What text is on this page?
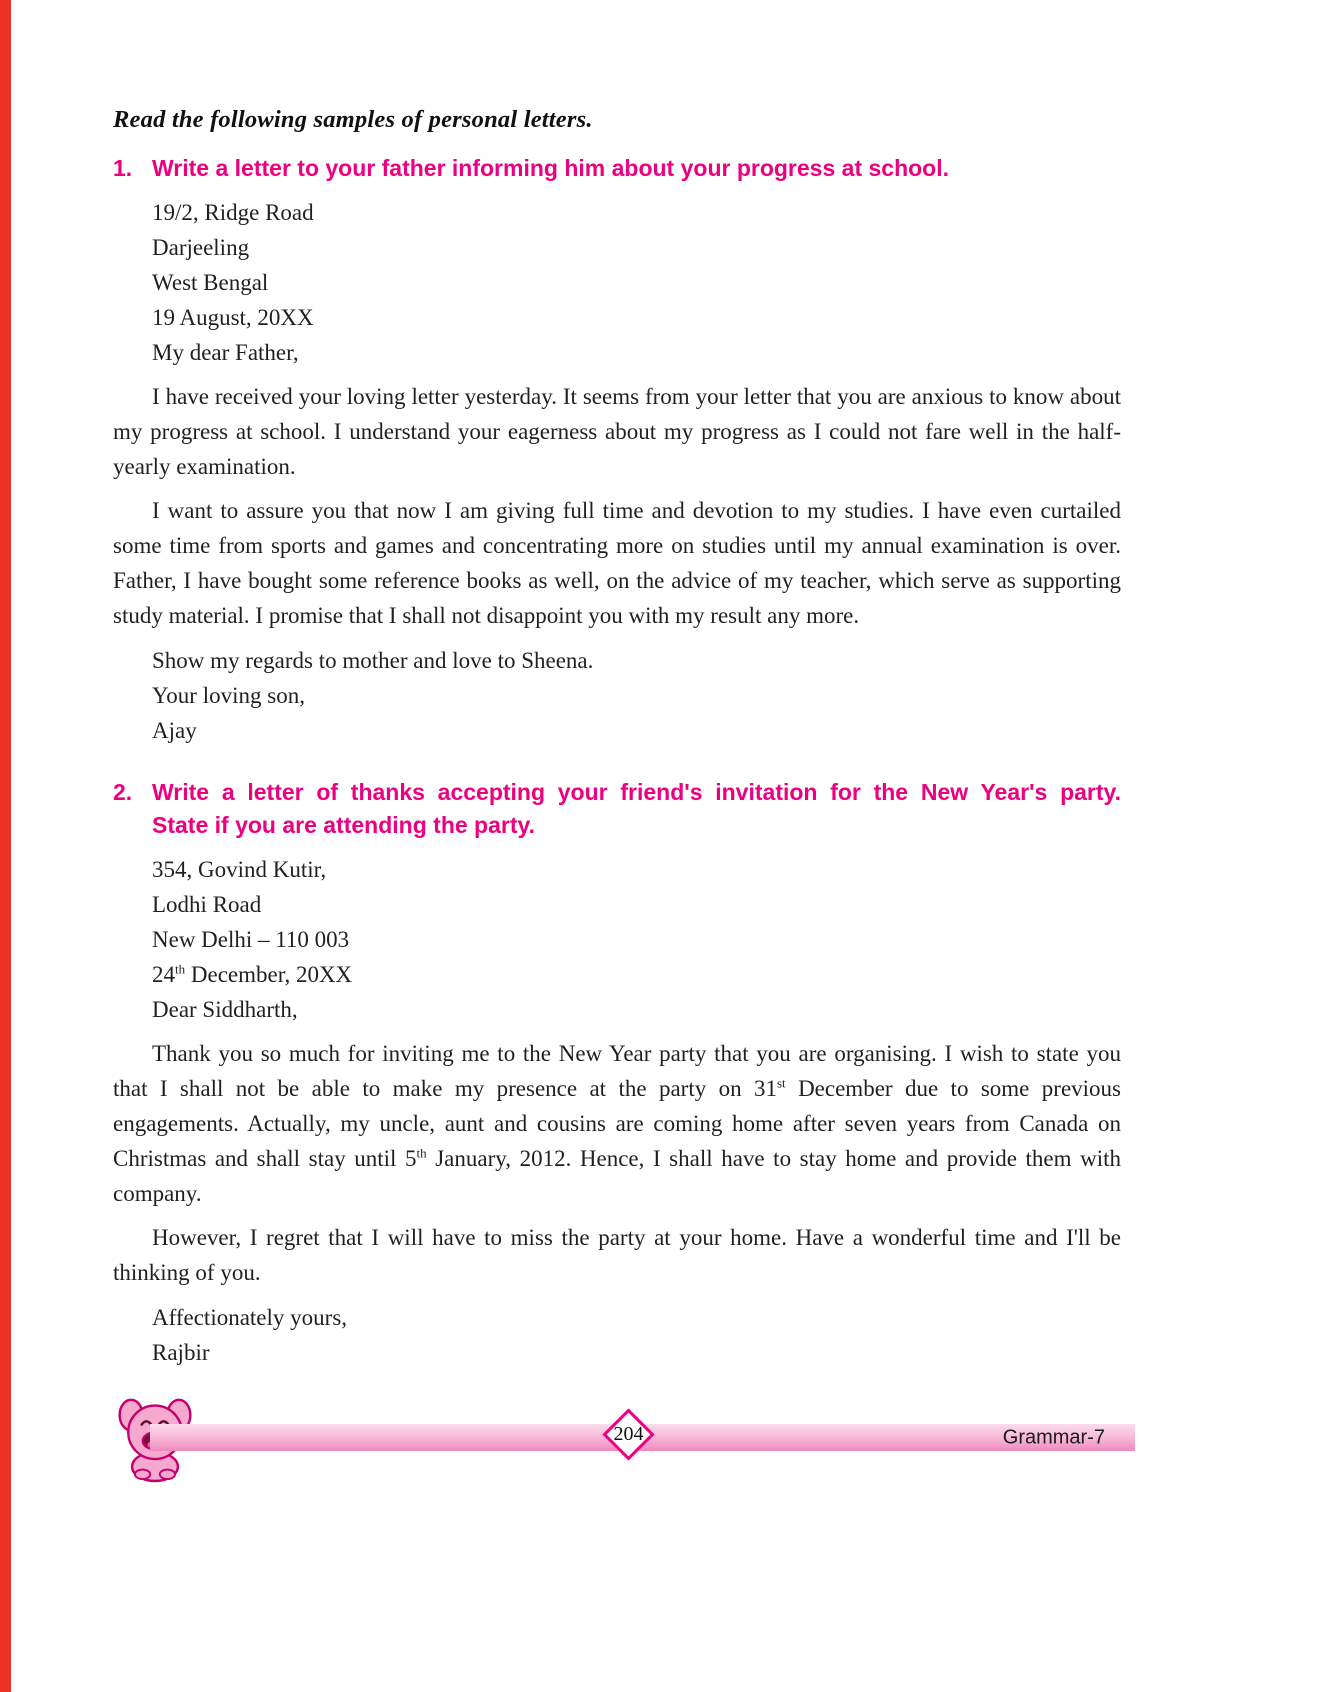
Read the following samples of personal letters.
1. Write a letter to your father informing him about your progress at school.
19/2, Ridge Road
Darjeeling
West Bengal
19 August, 20XX
My dear Father,

I have received your loving letter yesterday. It seems from your letter that you are anxious to know about my progress at school. I understand your eagerness about my progress as I could not fare well in the half-yearly examination.

I want to assure you that now I am giving full time and devotion to my studies. I have even curtailed some time from sports and games and concentrating more on studies until my annual examination is over. Father, I have bought some reference books as well, on the advice of my teacher, which serve as supporting study material. I promise that I shall not disappoint you with my result any more.

Show my regards to mother and love to Sheena.
Your loving son,
Ajay
2. Write a letter of thanks accepting your friend's invitation for the New Year's party.
State if you are attending the party.
354, Govind Kutir,
Lodhi Road
New Delhi – 110 003
24th December, 20XX
Dear Siddharth,

Thank you so much for inviting me to the New Year party that you are organising. I wish to state you that I shall not be able to make my presence at the party on 31st December due to some previous engagements. Actually, my uncle, aunt and cousins are coming home after seven years from Canada on Christmas and shall stay until 5th January, 2012. Hence, I shall have to stay home and provide them with company.

However, I regret that I will have to miss the party at your home. Have a wonderful time and I'll be thinking of you.

Affectionately yours,
Rajbir
204	Grammar-7
